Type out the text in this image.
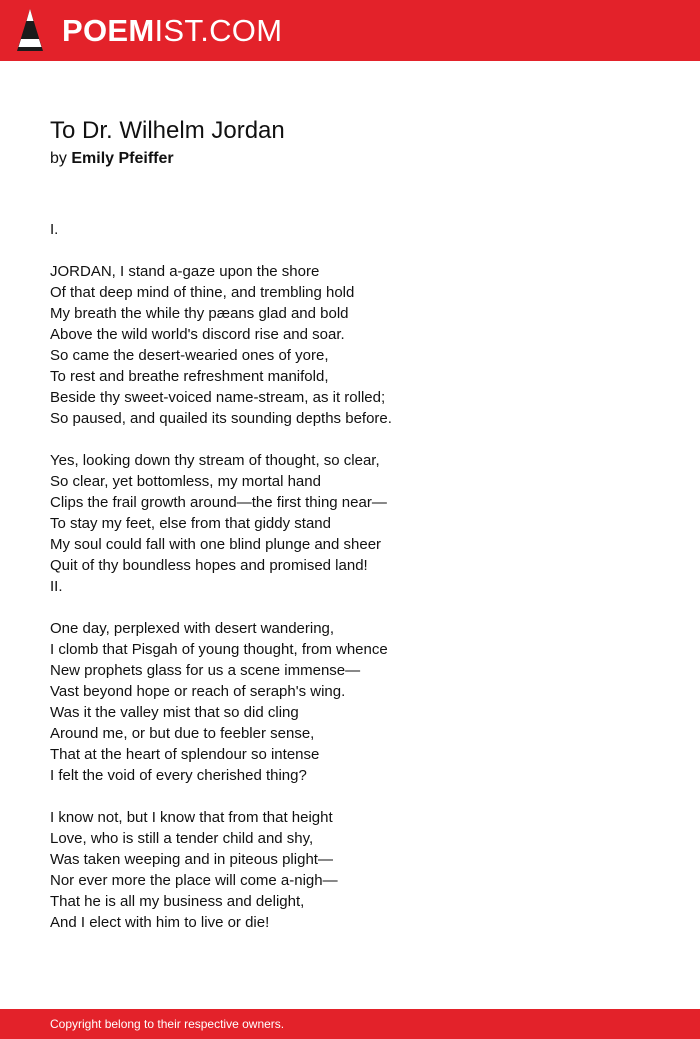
POEMIST.COM
To Dr. Wilhelm Jordan
by Emily Pfeiffer
I.
JORDAN, I stand a-gaze upon the shore
Of that deep mind of thine, and trembling hold
My breath the while thy pæans glad and bold
Above the wild world's discord rise and soar.
So came the desert-wearied ones of yore,
To rest and breathe refreshment manifold,
Beside thy sweet-voiced name-stream, as it rolled;
So paused, and quailed its sounding depths before.
Yes, looking down thy stream of thought, so clear,
So clear, yet bottomless, my mortal hand
Clips the frail growth around—the first thing near—
To stay my feet, else from that giddy stand
My soul could fall with one blind plunge and sheer
Quit of thy boundless hopes and promised land!
II.
One day, perplexed with desert wandering,
I clomb that Pisgah of young thought, from whence
New prophets glass for us a scene immense—
Vast beyond hope or reach of seraph's wing.
Was it the valley mist that so did cling
Around me, or but due to feebler sense,
That at the heart of splendour so intense
I felt the void of every cherished thing?
I know not, but I know that from that height
Love, who is still a tender child and shy,
Was taken weeping and in piteous plight—
Nor ever more the place will come a-nigh—
That he is all my business and delight,
And I elect with him to live or die!
Copyright belong to their respective owners.
